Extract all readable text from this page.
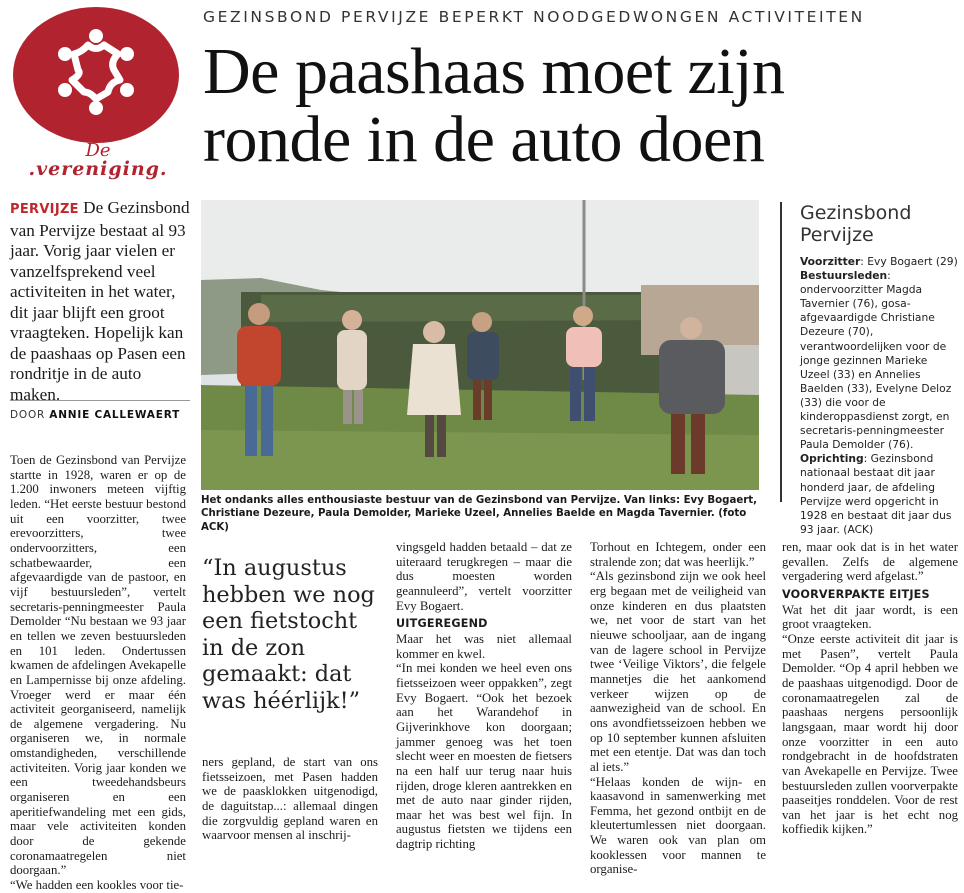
De
.vereniging.
GEZINSBOND PERVIJZE BEPERKT NOODGEDWONGEN ACTIVITEITEN
De paashaas moet zijn
ronde in de auto doen
PERVIJZE De Gezinsbond van Pervijze bestaat al 93 jaar. Vorig jaar vielen er vanzelfsprekend veel activiteiten in het water, dit jaar blijft een groot vraagteken. Hopelijk kan de paashaas op Pasen een rondritje in de auto maken.
DOOR ANNIE CALLEWAERT
Het ondanks alles enthousiaste bestuur van de Gezinsbond van Pervijze. Van links: Evy Bogaert, Christiane Dezeure, Paula Demolder, Marieke Uzeel, Annelies Baelde en Magda Tavernier. (foto ACK)
Gezinsbond
Pervijze

Voorzitter: Evy Bogaert (29)

Bestuursleden: ondervoorzitter Magda Tavernier (76), gosa-afgevaardigde Christiane Dezeure (70), verantwoordelijken voor de jonge gezinnen Marieke Uzeel (33) en Annelies Baelden (33), Evelyne Deloz (33) die voor de kinderoppasdienst zorgt, en secretaris-penningmeester Paula Demolder (76).

Oprichting: Gezinsbond nationaal bestaat dit jaar honderd jaar, de afdeling Pervijze werd opgericht in 1928 en bestaat dit jaar dus 93 jaar. (ACK)

Toen de Gezinsbond van Pervijze startte in 1928, waren er op de 1.200 inwoners meteen vijftig leden. “Het eerste bestuur bestond uit een voorzitter, twee erevoorzitters, twee ondervoorzitters, een schatbewaarder, een afgevaardigde van de pastoor, en vijf bestuursleden”, vertelt secretaris-penningmeester Paula Demolder “Nu bestaan we 93 jaar en tellen we zeven bestuursleden en 101 leden. Ondertussen kwamen de afdelingen Avekapelle en Lampernisse bij onze afdeling. Vroeger werd er maar één activiteit georganiseerd, namelijk de algemene vergadering. Nu organiseren we, in normale omstandigheden, verschillende activiteiten. Vorig jaar konden we een tweedehandsbeurs organiseren en een aperitiefwandeling met een gids, maar vele activiteiten konden door de gekende coronamaatregelen niet doorgaan.”

“We hadden een kookles voor tie-

“In augustus hebben we nog een fietstocht in de zon gemaakt: dat was héérlijk!”

ners gepland, de start van ons fietsseizoen, met Pasen hadden we de paasklokken uitgenodigd, de daguitstap...: allemaal dingen die zorgvuldig gepland waren en waarvoor mensen al inschrij-

vingsgeld hadden betaald – dat ze uiteraard terugkregen – maar die dus moesten worden geannuleerd”, vertelt voorzitter Evy Bogaert.

UITGEREGEND

Maar het was niet allemaal kommer en kwel.

“In mei konden we heel even ons fietsseizoen weer oppakken”, zegt Evy Bogaert. “Ook het bezoek aan het Warandehof in Gijverinkhove kon doorgaan; jammer genoeg was het toen slecht weer en moesten de fietsers na een half uur terug naar huis rijden, droge kleren aantrekken en met de auto naar ginder rijden, maar het was best wel fijn. In augustus fietsten we tijdens een dagtrip richting

Torhout en Ichtegem, onder een stralende zon; dat was heerlijk.”

“Als gezinsbond zijn we ook heel erg begaan met de veiligheid van onze kinderen en dus plaatsten we, net voor de start van het nieuwe schooljaar, aan de ingang van de lagere school in Pervijze twee ‘Veilige Viktors’, die felgele mannetjes die het aankomend verkeer wijzen op de aanwezigheid van de school. En ons avondfietsseizoen hebben we op 10 september kunnen afsluiten met een etentje. Dat was dan toch al iets.”

“Helaas konden de wijn- en kaasavond in samenwerking met Femma, het gezond ontbijt en de kleutertumlessen niet doorgaan. We waren ook van plan om kooklessen voor mannen te organise-

ren, maar ook dat is in het water gevallen. Zelfs de algemene vergadering werd afgelast.”

VOORVERPAKTE EITJES

Wat het dit jaar wordt, is een groot vraagteken.

“Onze eerste activiteit dit jaar is met Pasen”, vertelt Paula Demolder. “Op 4 april hebben we de paashaas uitgenodigd. Door de coronamaatregelen zal de paashaas nergens persoonlijk langsgaan, maar wordt hij door onze voorzitter in een auto rondgebracht in de hoofdstraten van Avekapelle en Pervijze. Twee bestuursleden zullen voorverpakte paaseitjes ronddelen. Voor de rest van het jaar is het echt nog koffiedik kijken.”
